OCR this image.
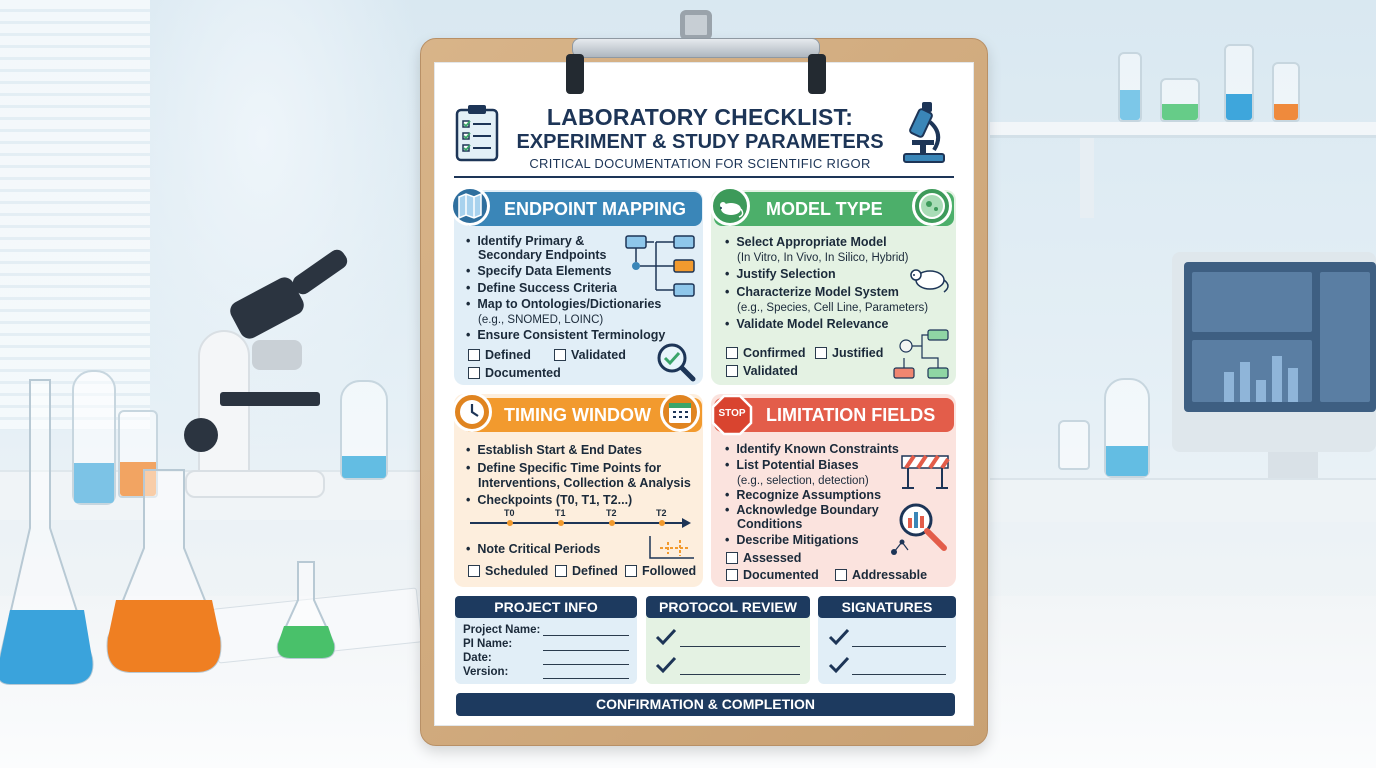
LABORATORY CHECKLIST:
EXPERIMENT & STUDY PARAMETERS
CRITICAL DOCUMENTATION FOR SCIENTIFIC RIGOR
ENDPOINT MAPPING
•  Identify Primary &
Secondary Endpoints
•  Specify Data Elements
•  Define Success Criteria
•  Map to Ontologies/Dictionaries
(e.g., SNOMED, LOINC)
•  Ensure Consistent Terminology
Defined	Validated
Documented
MODEL TYPE
•  Select Appropriate Model
(In Vitro, In Vivo, In Silico, Hybrid)
•  Justify Selection
•  Characterize Model System
(e.g., Species, Cell Line, Parameters)
•  Validate Model Relevance
Confirmed Justified
Validated
TIMING WINDOW
•  Establish Start & End Dates
•  Define Specific Time Points for
Interventions, Collection & Analysis
•  Checkpoints (T0, T1, T2...)
•  Note Critical Periods
T0	T1	T2	T2
Scheduled Defined Followed
LIMITATION FIELDS
STOP
•  Identify Known Constraints
•  List Potential Biases
(e.g., selection, detection)
•  Recognize Assumptions
•  Acknowledge Boundary
Conditions
•  Describe Mitigations
Assessed
Documented	Addressable
PROJECT INFO
Project Name:
PI Name:
Date:
Version:
PROTOCOL REVIEW	SIGNATURES
CONFIRMATION & COMPLETION
